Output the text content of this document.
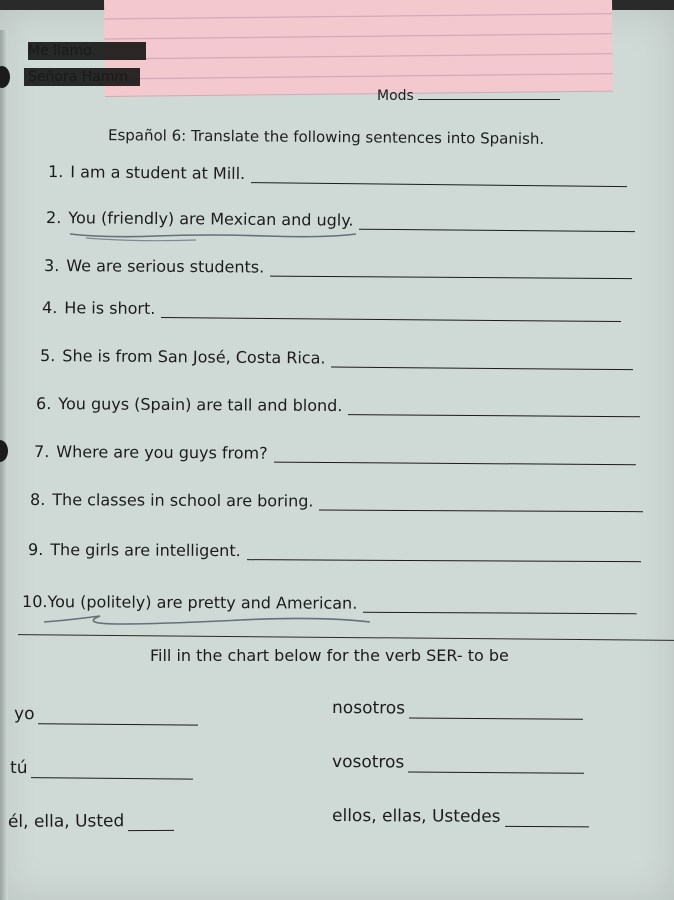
Mods
Español 6: Translate the following sentences into Spanish.
1. I am a student at Mill.
2. You (friendly) are Mexican and ugly.
3. We are serious students.
4. He is short.
5. She is from San José, Costa Rica.
6. You guys (Spain) are tall and blond.
7. Where are you guys from?
8. The classes in school are boring.
9. The girls are intelligent.
10. You (politely) are pretty and American.
Fill in the chart below for the verb SER- to be
yo	nosotros
tú	vosotros
él, ella, Usted	ellos, ellas, Ustedes
